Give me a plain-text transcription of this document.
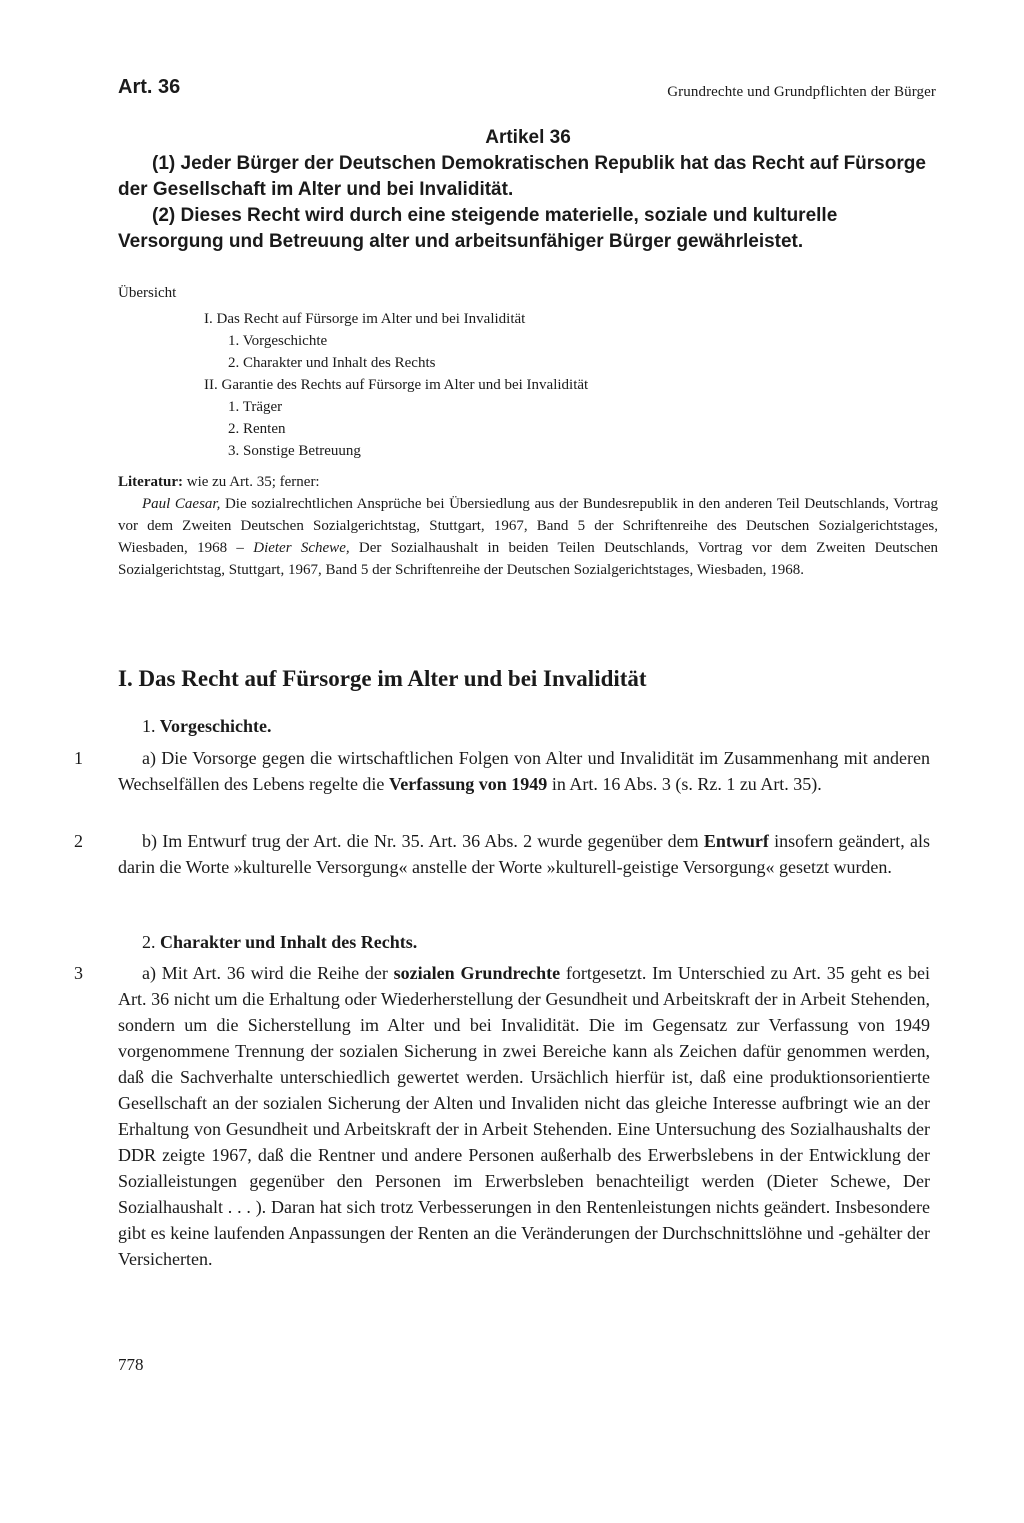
Art. 36	Grundrechte und Grundpflichten der Bürger
Artikel 36

(1) Jeder Bürger der Deutschen Demokratischen Republik hat das Recht auf Fürsorge der Gesellschaft im Alter und bei Invalidität.

(2) Dieses Recht wird durch eine steigende materielle, soziale und kulturelle Versorgung und Betreuung alter und arbeitsunfähiger Bürger gewährleistet.

Übersicht
I. Das Recht auf Fürsorge im Alter und bei Invalidität
1. Vorgeschichte
2. Charakter und Inhalt des Rechts
II. Garantie des Rechts auf Fürsorge im Alter und bei Invalidität
1. Träger
2. Renten
3. Sonstige Betreuung

Literatur: wie zu Art. 35; ferner:

Paul Caesar, Die sozialrechtlichen Ansprüche bei Übersiedlung aus der Bundesrepublik in den anderen Teil Deutschlands, Vortrag vor dem Zweiten Deutschen Sozialgerichtstag, Stuttgart, 1967, Band 5 der Schriftenreihe des Deutschen Sozialgerichtstages, Wiesbaden, 1968 – Dieter Schewe, Der Sozialhaushalt in beiden Teilen Deutschlands, Vortrag vor dem Zweiten Deutschen Sozialgerichtstag, Stuttgart, 1967, Band 5 der Schriftenreihe der Deutschen Sozialgerichtstages, Wiesbaden, 1968.

I. Das Recht auf Fürsorge im Alter und bei Invalidität
1. Vorgeschichte.
1	a) Die Vorsorge gegen die wirtschaftlichen Folgen von Alter und Invalidität im Zusammenhang mit anderen Wechselfällen des Lebens regelte die Verfassung von 1949 in Art. 16 Abs. 3 (s. Rz. 1 zu Art. 35).

2	b) Im Entwurf trug der Art. die Nr. 35. Art. 36 Abs. 2 wurde gegenüber dem Entwurf insofern geändert, als darin die Worte »kulturelle Versorgung« anstelle der Worte »kulturell-geistige Versorgung« gesetzt wurden.

2. Charakter und Inhalt des Rechts.
3	a) Mit Art. 36 wird die Reihe der sozialen Grundrechte fortgesetzt. Im Unterschied zu Art. 35 geht es bei Art. 36 nicht um die Erhaltung oder Wiederherstellung der Gesundheit und Arbeitskraft der in Arbeit Stehenden, sondern um die Sicherstellung im Alter und bei Invalidität. Die im Gegensatz zur Verfassung von 1949 vorgenommene Trennung der sozialen Sicherung in zwei Bereiche kann als Zeichen dafür genommen werden, daß die Sachverhalte unterschiedlich gewertet werden. Ursächlich hierfür ist, daß eine produktionsorientierte Gesellschaft an der sozialen Sicherung der Alten und Invaliden nicht das gleiche Interesse aufbringt wie an der Erhaltung von Gesundheit und Arbeitskraft der in Arbeit Stehenden. Eine Untersuchung des Sozialhaushalts der DDR zeigte 1967, daß die Rentner und andere Personen außerhalb des Erwerbslebens in der Entwicklung der Sozialleistungen gegenüber den Personen im Erwerbsleben benachteiligt werden (Dieter Schewe, Der Sozialhaushalt . . . ). Daran hat sich trotz Verbesserungen in den Rentenleistungen nichts geändert. Insbesondere gibt es keine laufenden Anpassungen der Renten an die Veränderungen der Durchschnittslöhne und -gehälter der Versicherten.

778
